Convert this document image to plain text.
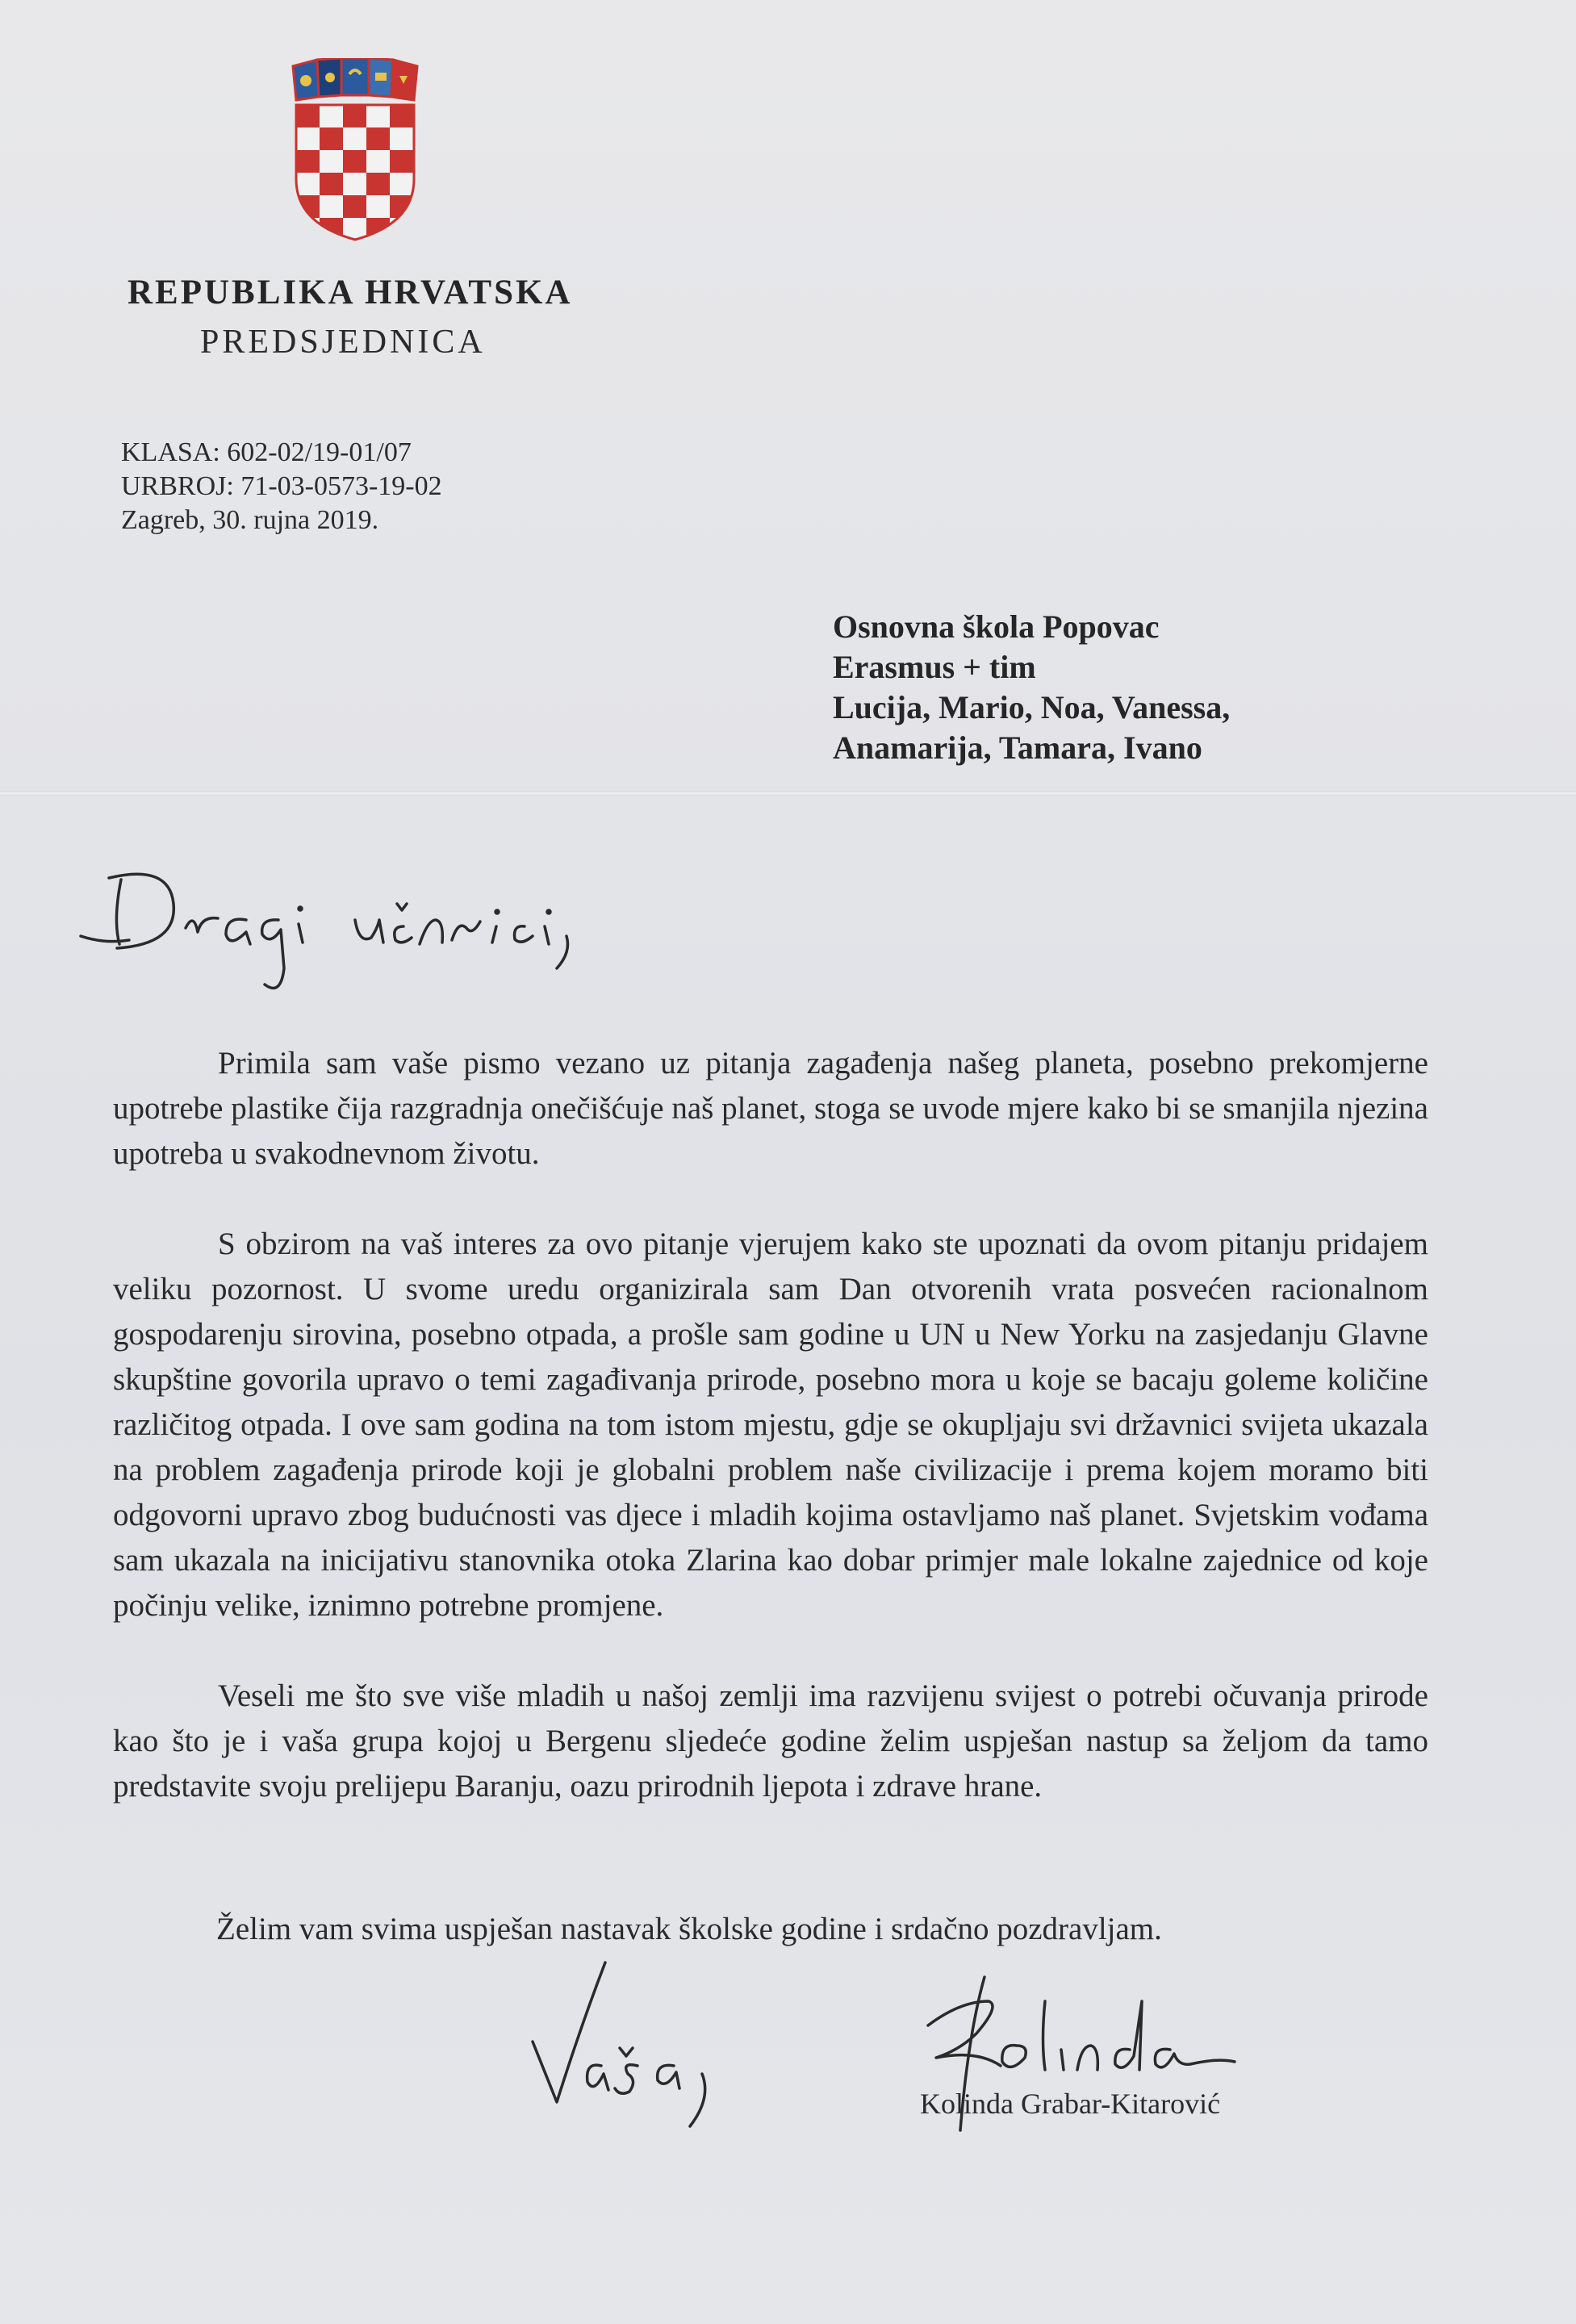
REPUBLIKA HRVATSKA
PREDSJEDNICA
KLASA: 602-02/19-01/07
URBROJ: 71-03-0573-19-02
Zagreb, 30. rujna 2019.
Osnovna škola Popovac
Erasmus + tim
Lucija, Mario, Noa, Vanessa,
Anamarija, Tamara, Ivano

Primila sam vaše pismo vezano uz pitanja zagađenja našeg planeta, posebno prekomjerne upotrebe plastike čija razgradnja onečišćuje naš planet, stoga se uvode mjere kako bi se smanjila njezina upotreba u svakodnevnom životu.

S obzirom na vaš interes za ovo pitanje vjerujem kako ste upoznati da ovom pitanju pridajem veliku pozornost. U svome uredu organizirala sam Dan otvorenih vrata posvećen racionalnom gospodarenju sirovina, posebno otpada, a prošle sam godine u UN u New Yorku na zasjedanju Glavne skupštine govorila upravo o temi zagađivanja prirode, posebno mora u koje se bacaju goleme količine različitog otpada. I ove sam godina na tom istom mjestu, gdje se okupljaju svi državnici svijeta ukazala na problem zagađenja prirode koji je globalni problem naše civilizacije i prema kojem moramo biti odgovorni upravo zbog budućnosti vas djece i mladih kojima ostavljamo naš planet. Svjetskim vođama sam ukazala na inicijativu stanovnika otoka Zlarina kao dobar primjer male lokalne zajednice od koje počinju velike, iznimno potrebne promjene.

Veseli me što sve više mladih u našoj zemlji ima razvijenu svijest o potrebi očuvanja prirode kao što je i vaša grupa kojoj u Bergenu sljedeće godine želim uspješan nastup sa željom da tamo predstavite svoju prelijepu Baranju, oazu prirodnih ljepota i zdrave hrane.

Želim vam svima uspješan nastavak školske godine i srdačno pozdravljam.
Kolinda Grabar-Kitarović
